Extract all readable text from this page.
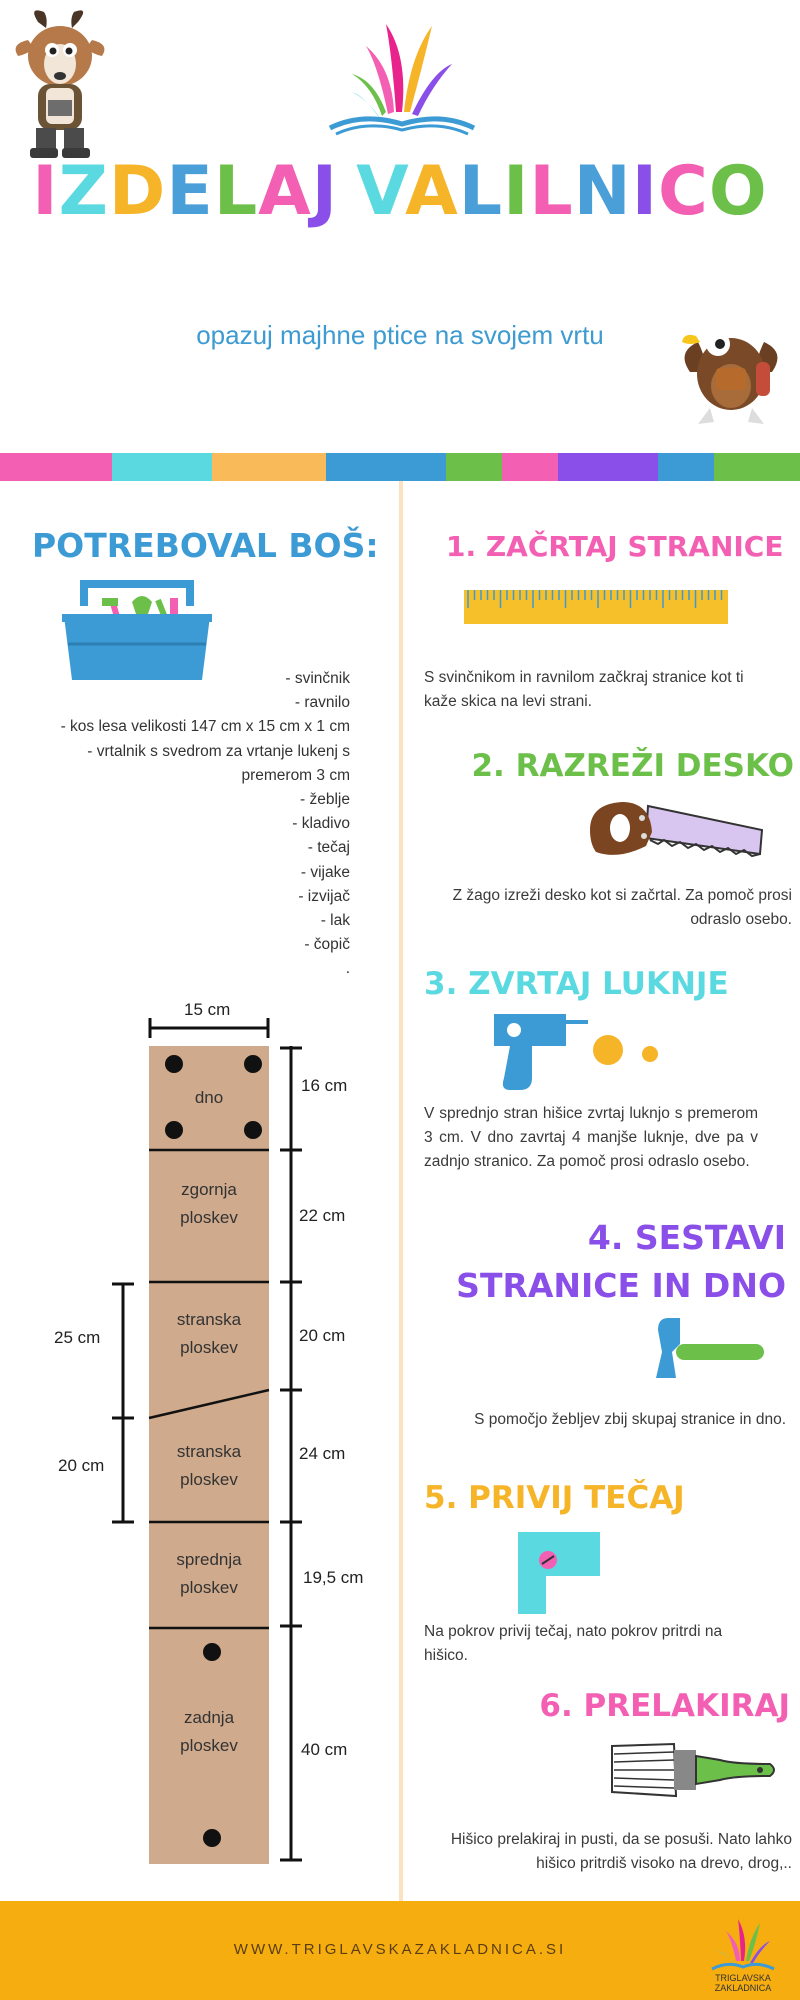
IZDELAJ VALILNICO
opazuj majhne ptice na svojem vrtu
POTREBOVAL BOŠ:
- svinčnik
- ravnilo
- kos lesa velikosti 147 cm x 15 cm x 1 cm
- vrtalnik s svedrom za vrtanje lukenj s
premerom 3 cm
- žeblje
- kladivo
- tečaj
- vijake
- izvijač
- lak
- čopič
.
15 cm
dno
zgornja
ploskev
stranska
ploskev
stranska
ploskev
sprednja
ploskev
zadnja
ploskev
16 cm
22 cm
20 cm
24 cm
19,5 cm
40 cm
25 cm
20 cm
1. ZAČRTAJ STRANICE
S svinčnikom in ravnilom začkraj stranice kot ti kaže skica na levi strani.
2. RAZREŽI DESKO
Z žago izreži desko kot si začrtal. Za pomoč prosi odraslo osebo.
3. ZVRTAJ LUKNJE
V sprednjo stran hišice zvrtaj luknjo s premerom 3 cm. V dno zavrtaj 4 manjše luknje, dve pa v zadnjo stranico. Za pomoč prosi odraslo osebo.
4. SESTAVI
STRANICE IN DNO
S pomočjo žebljev zbij skupaj stranice in dno.
5. PRIVIJ TEČAJ
Na pokrov privij tečaj, nato pokrov pritrdi na hišico.
6. PRELAKIRAJ
Hišico prelakiraj in pusti, da se posuši. Nato lahko hišico pritrdiš visoko na drevo, drog,..
WWW.TRIGLAVSKAZAKLADNICA.SI
TRIGLAVSKA
ZAKLADNICA
